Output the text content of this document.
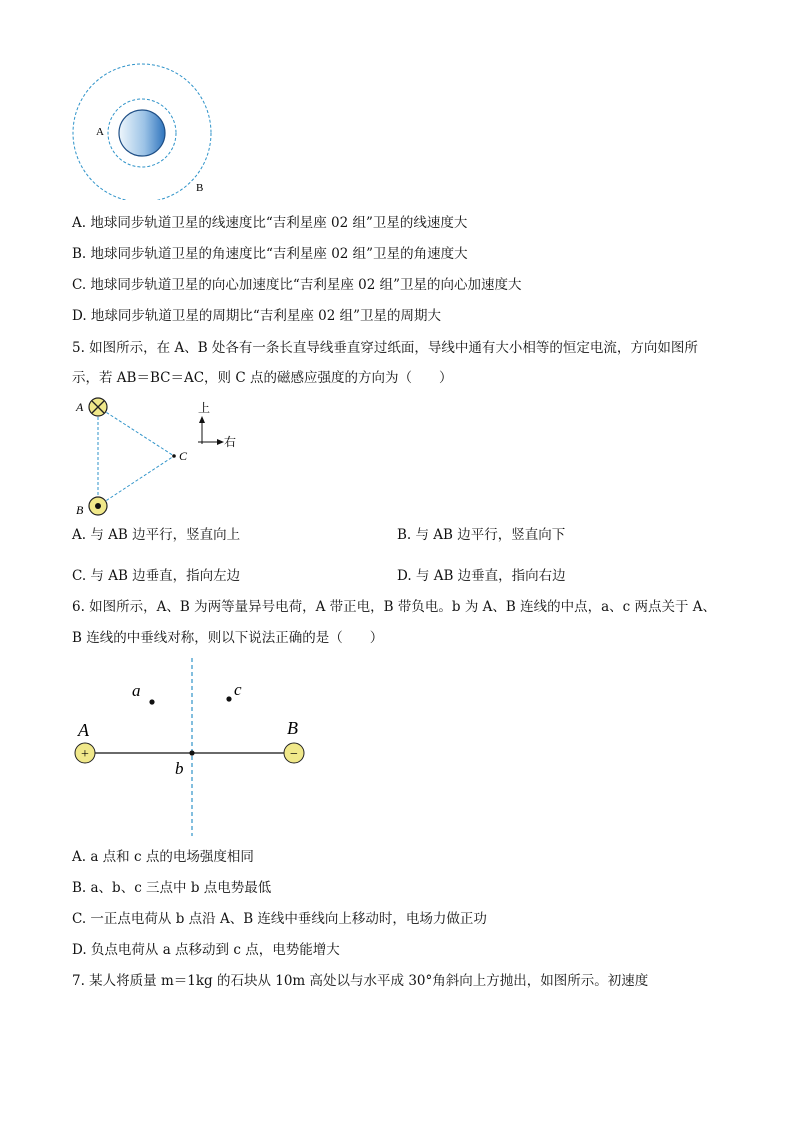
A
B
A. 地球同步轨道卫星的线速度比“吉利星座 02 组”卫星的线速度大
B. 地球同步轨道卫星的角速度比“吉利星座 02 组”卫星的角速度大
C. 地球同步轨道卫星的向心加速度比“吉利星座 02 组”卫星的向心加速度大
D. 地球同步轨道卫星的周期比“吉利星座 02 组”卫星的周期大
5. 如图所示，在 A、B 处各有一条长直导线垂直穿过纸面，导线中通有大小相等的恒定电流，方向如图所
示，若 AB＝BC＝AC，则 C 点的磁感应强度的方向为（　　）
A
B
C
上
右
A. 与 AB 边平行，竖直向上	B. 与 AB 边平行，竖直向下
C. 与 AB 边垂直，指向左边	D. 与 AB 边垂直，指向右边
6. 如图所示，A、B 为两等量异号电荷，A 带正电，B 带负电。b 为 A、B 连线的中点，a、c 两点关于 A、
B 连线的中垂线对称，则以下说法正确的是（　　）
+	−
a	c
b
A	B
A. a 点和 c 点的电场强度相同
B. a、b、c 三点中 b 点电势最低
C. 一正点电荷从 b 点沿 A、B 连线中垂线向上移动时，电场力做正功
D. 负点电荷从 a 点移动到 c 点，电势能增大
7. 某人将质量 m＝1kg 的石块从 10m 高处以与水平成 30°角斜向上方抛出，如图所示。初速度
